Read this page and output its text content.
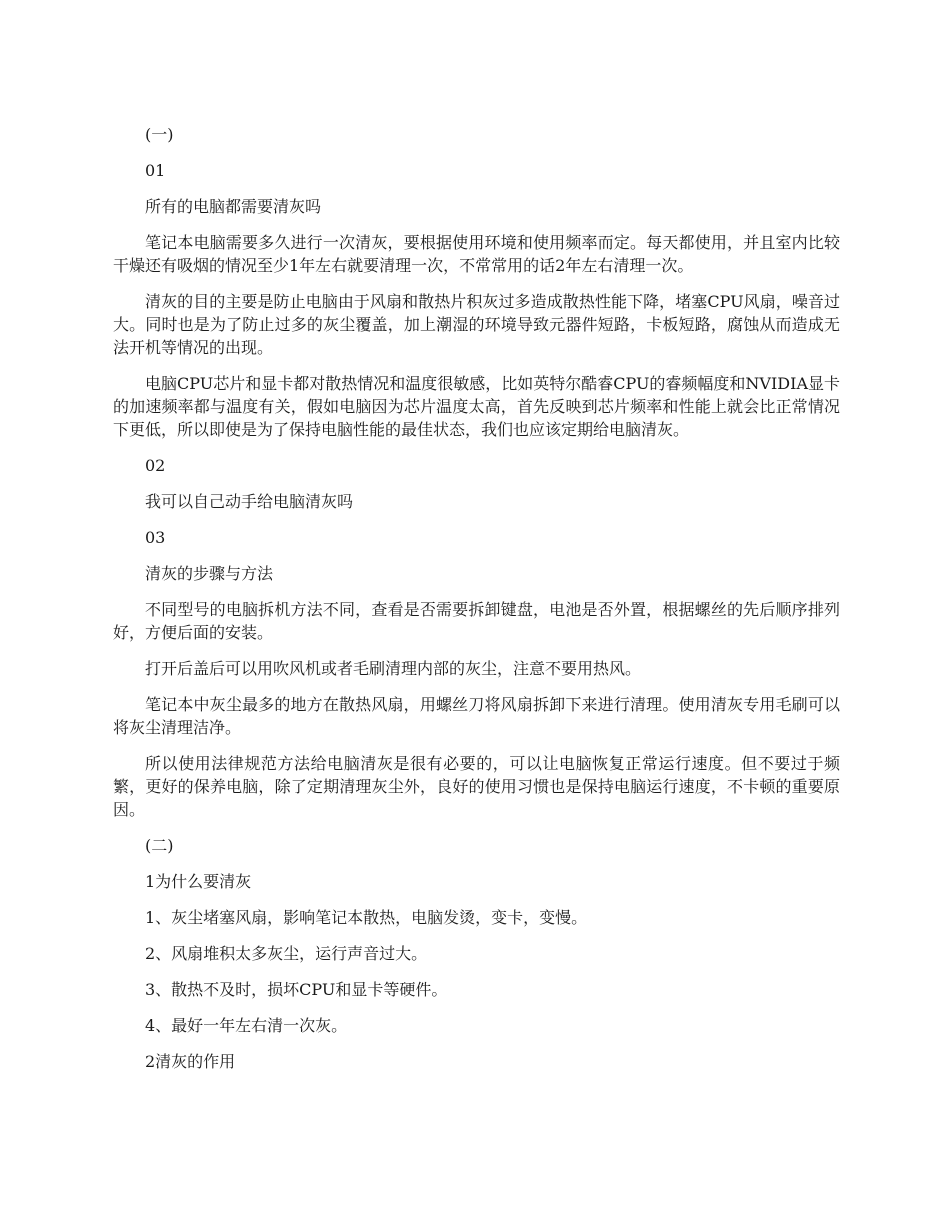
(一)

01

所有的电脑都需要清灰吗

笔记本电脑需要多久进行一次清灰，要根据使用环境和使用频率而定。每天都使用，并且室内比较干燥还有吸烟的情况至少1年左右就要清理一次，不常常用的话2年左右清理一次。

清灰的目的主要是防止电脑由于风扇和散热片积灰过多造成散热性能下降，堵塞CPU风扇，噪音过大。同时也是为了防止过多的灰尘覆盖，加上潮湿的环境导致元器件短路，卡板短路，腐蚀从而造成无法开机等情况的出现。

电脑CPU芯片和显卡都对散热情况和温度很敏感，比如英特尔酷睿CPU的睿频幅度和NVIDIA显卡的加速频率都与温度有关，假如电脑因为芯片温度太高，首先反映到芯片频率和性能上就会比正常情况下更低，所以即使是为了保持电脑性能的最佳状态，我们也应该定期给电脑清灰。

02

我可以自己动手给电脑清灰吗

03

清灰的步骤与方法

不同型号的电脑拆机方法不同，查看是否需要拆卸键盘，电池是否外置，根据螺丝的先后顺序排列好，方便后面的安装。

打开后盖后可以用吹风机或者毛刷清理内部的灰尘，注意不要用热风。

笔记本中灰尘最多的地方在散热风扇，用螺丝刀将风扇拆卸下来进行清理。使用清灰专用毛刷可以将灰尘清理洁净。

所以使用法律规范方法给电脑清灰是很有必要的，可以让电脑恢复正常运行速度。但不要过于频繁，更好的保养电脑，除了定期清理灰尘外，良好的使用习惯也是保持电脑运行速度，不卡顿的重要原因。

(二)

1为什么要清灰

1、灰尘堵塞风扇，影响笔记本散热，电脑发烫，变卡，变慢。

2、风扇堆积太多灰尘，运行声音过大。

3、散热不及时，损坏CPU和显卡等硬件。

4、最好一年左右清一次灰。

2清灰的作用
